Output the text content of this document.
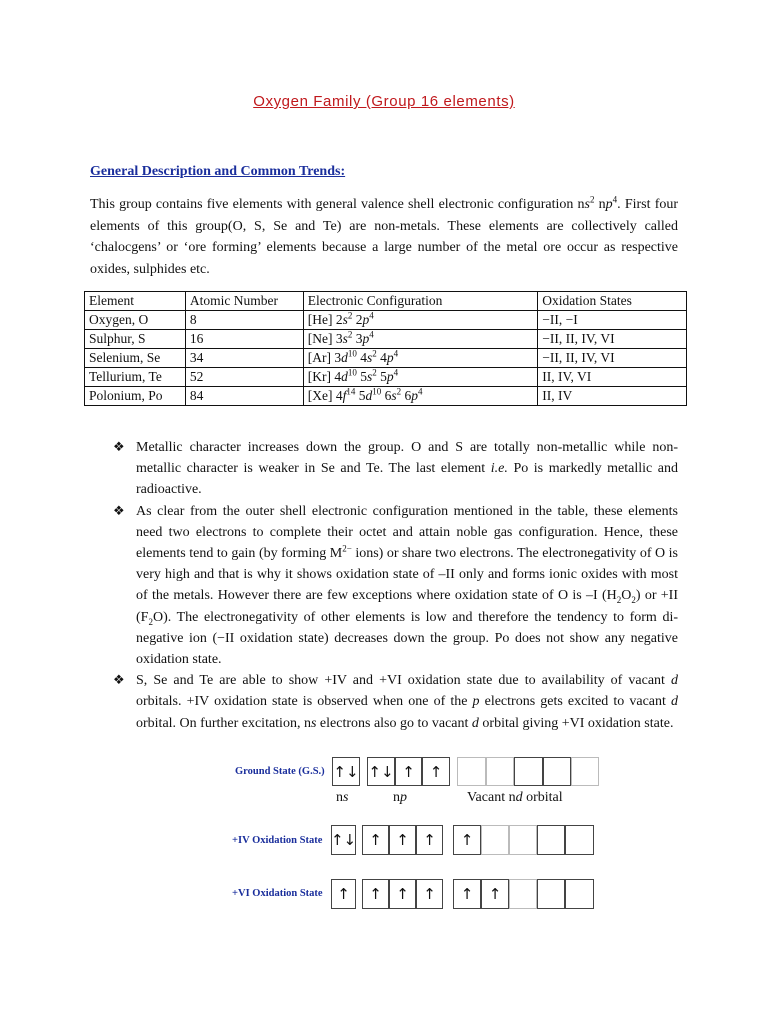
Oxygen Family (Group 16 elements)
General Description and Common Trends:
This group contains five elements with general valence shell electronic configuration $ns^2$ $np^4$. First four elements of this group(O, S, Se and Te) are non-metals. These elements are collectively called ‘chalocgens’ or ‘ore forming’ elements because a large number of the metal ore occur as respective oxides, sulphides etc.
Element	Atomic Number	Electronic Configuration	Oxidation States
Oxygen, O	8	[He] $2s^2$ $2p^4$	−II, −I
Sulphur, S	16	[Ne] $3s^2$ $3p^4$	−II, II, IV, VI
Selenium, Se	34	[Ar] $3d^{10}$ $4s^2$ $4p^4$	−II, II, IV, VI
Tellurium, Te	52	[Kr] $4d^{10}$ $5s^2$ $5p^4$	II, IV, VI
Polonium, Po	84	[Xe] $4f^{14}$ $5d^{10}$ $6s^2$ $6p^4$	II, IV

❖ Metallic character increases down the group. O and S are totally non-metallic while non-metallic character is weaker in Se and Te. The last element i.e. Po is markedly metallic and radioactive.

❖ As clear from the outer shell electronic configuration mentioned in the table, these elements need two electrons to complete their octet and attain noble gas configuration. Hence, these elements tend to gain (by forming $M^{2-}$ ions) or share two electrons. The electronegativity of O is very high and that is why it shows oxidation state of –II only and forms ionic oxides with most of the metals. However there are few exceptions where oxidation state of O is –I $(H_2O_2)$ or +II $(F_2O)$. The electronegativity of other elements is low and therefore the tendency to form di-negative ion (−II oxidation state) decreases down the group. Po does not show any negative oxidation state.

❖ S, Se and Te are able to show +IV and +VI oxidation state due to availability of vacant d orbitals. +IV oxidation state is observed when one of the p electrons gets excited to vacant d orbital. On further excitation, ns electrons also go to vacant d orbital giving +VI oxidation state.

Ground State (G.S.) ↑↓ ↑↓ ↑ ↑
ns	np	Vacant nd orbital
+IV Oxidation State ↑↓ ↑ ↑ ↑	↑
+VI Oxidation State ↑	↑ ↑ ↑	↑	↑
